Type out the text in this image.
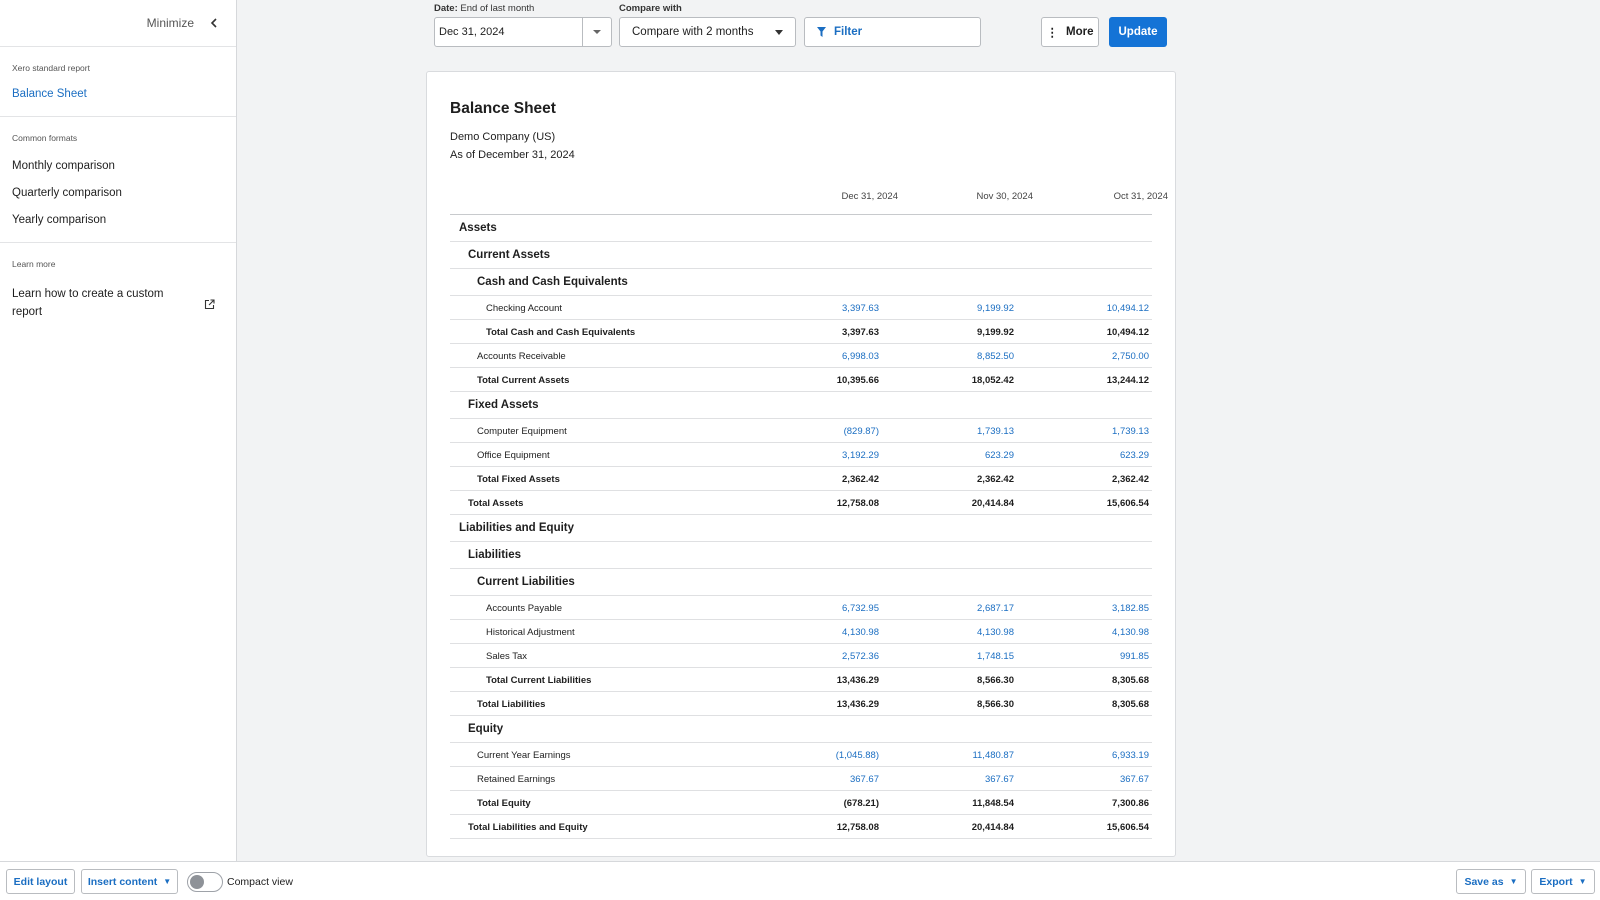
Minimize
Xero standard report
Balance Sheet
Common formats
Monthly comparison
Quarterly comparison
Yearly comparison
Learn more
Learn how to create a custom report
Date: End of last month
Dec 31, 2024
Compare with
Compare with 2 months	Filter	⋮ More	Update
Balance Sheet
Demo Company (US)
As of December 31, 2024
Dec 31, 2024	Nov 30, 2024	Oct 31, 2024
Assets
Current Assets
Cash and Cash Equivalents
Checking Account	3,397.63	9,199.92	10,494.12
Total Cash and Cash Equivalents	3,397.63	9,199.92	10,494.12
Accounts Receivable	6,998.03	8,852.50	2,750.00
Total Current Assets	10,395.66	18,052.42	13,244.12
Fixed Assets
Computer Equipment	(829.87)	1,739.13	1,739.13
Office Equipment	3,192.29	623.29	623.29
Total Fixed Assets	2,362.42	2,362.42	2,362.42
Total Assets	12,758.08	20,414.84	15,606.54
Liabilities and Equity
Liabilities
Current Liabilities
Accounts Payable	6,732.95	2,687.17	3,182.85
Historical Adjustment	4,130.98	4,130.98	4,130.98
Sales Tax	2,572.36	1,748.15	991.85
Total Current Liabilities	13,436.29	8,566.30	8,305.68
Total Liabilities	13,436.29	8,566.30	8,305.68
Equity
Current Year Earnings	(1,045.88)	11,480.87	6,933.19
Retained Earnings	367.67	367.67	367.67
Total Equity	(678.21)	11,848.54	7,300.86
Total Liabilities and Equity	12,758.08	20,414.84	15,606.54
Edit layout	Insert content ▼	Compact view	Save as ▼ Export ▼
